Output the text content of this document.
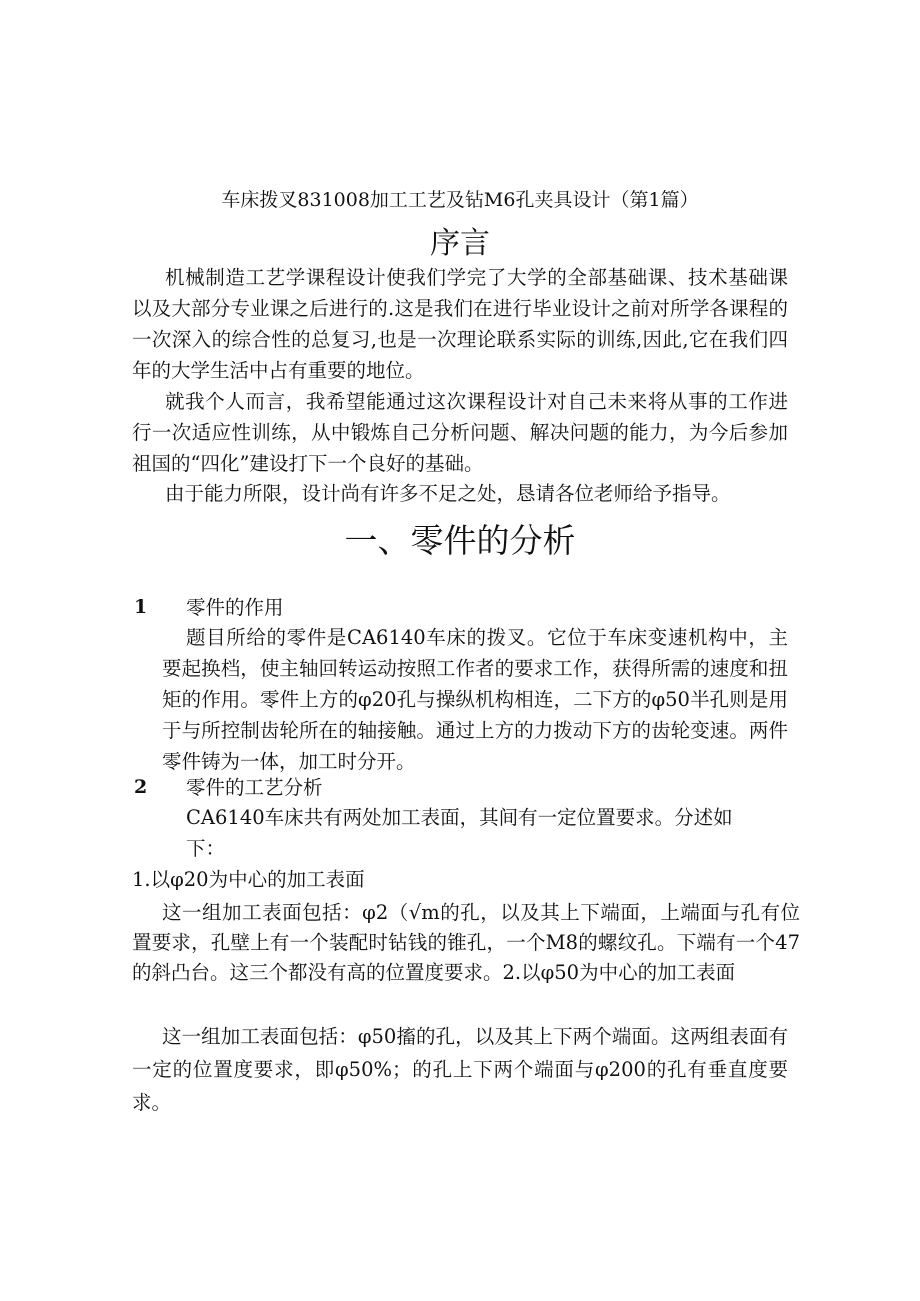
车床拨叉831008加工工艺及钻M6孔夹具设计（第1篇）
序言

机械制造工艺学课程设计使我们学完了大学的全部基础课、技术基础课以及大部分专业课之后进行的.这是我们在进行毕业设计之前对所学各课程的一次深入的综合性的总复习,也是一次理论联系实际的训练,因此,它在我们四年的大学生活中占有重要的地位。

就我个人而言，我希望能通过这次课程设计对自己未来将从事的工作进行一次适应性训练，从中锻炼自己分析问题、解决问题的能力，为今后参加祖国的“四化”建设打下一个良好的基础。

由于能力所限，设计尚有许多不足之处，恳请各位老师给予指导。

一、零件的分析
1 零件的作用

题目所给的零件是CA6140车床的拨叉。它位于车床变速机构中，主要起换档，使主轴回转运动按照工作者的要求工作，获得所需的速度和扭矩的作用。零件上方的φ20孔与操纵机构相连，二下方的φ50半孔则是用于与所控制齿轮所在的轴接触。通过上方的力拨动下方的齿轮变速。两件零件铸为一体，加工时分开。

2 零件的工艺分析
CA6140车床共有两处加工表面，其间有一定位置要求。分述如
下：
1.以φ20为中心的加工表面

这一组加工表面包括：φ2（√m的孔，以及其上下端面，上端面与孔有位置要求，孔壁上有一个装配时钻钱的锥孔，一个M8的螺纹孔。下端有一个47的斜凸台。这三个都没有高的位置度要求。2.以φ50为中心的加工表面

这一组加工表面包括：φ50搐的孔，以及其上下两个端面。这两组表面有一定的位置度要求，即φ50%；的孔上下两个端面与φ200的孔有垂直度要求。
